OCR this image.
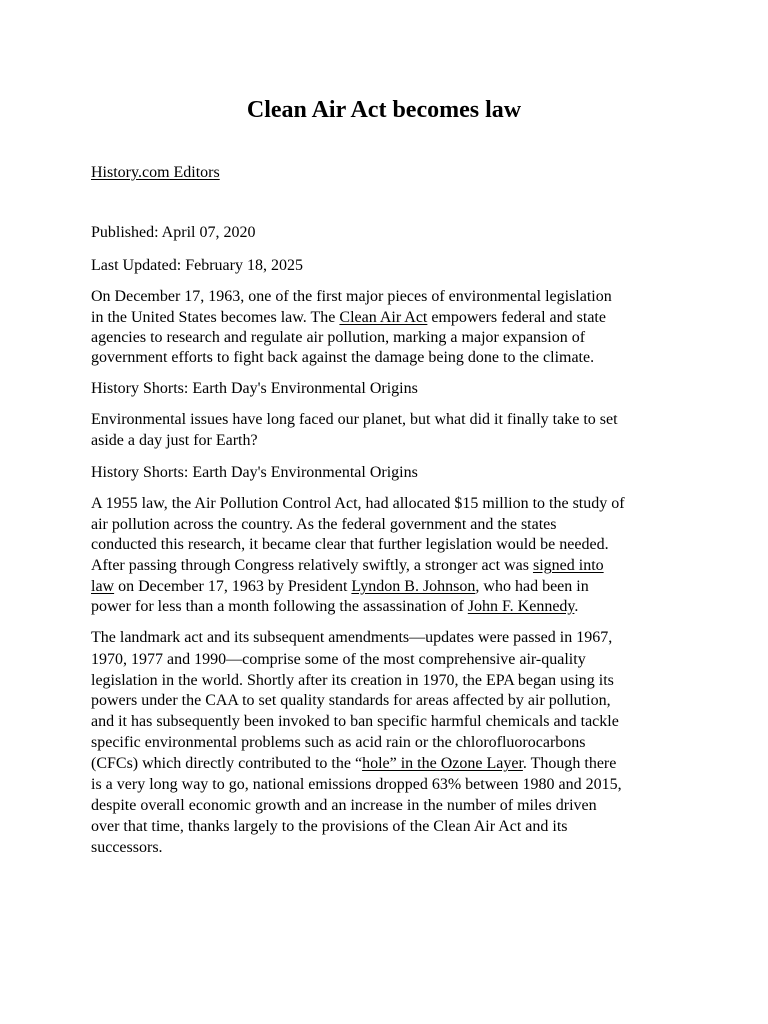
Clean Air Act becomes law
History.com Editors
Published: April 07, 2020
Last Updated: February 18, 2025
On December 17, 1963, one of the first major pieces of environmental legislation
in the United States becomes law. The Clean Air Act empowers federal and state
agencies to research and regulate air pollution, marking a major expansion of
government efforts to fight back against the damage being done to the climate.
History Shorts: Earth Day's Environmental Origins
Environmental issues have long faced our planet, but what did it finally take to set
aside a day just for Earth?
History Shorts: Earth Day's Environmental Origins
A 1955 law, the Air Pollution Control Act, had allocated $15 million to the study of
air pollution across the country. As the federal government and the states
conducted this research, it became clear that further legislation would be needed.
After passing through Congress relatively swiftly, a stronger act was signed into
law on December 17, 1963 by President Lyndon B. Johnson, who had been in
power for less than a month following the assassination of John F. Kennedy.
The landmark act and its subsequent amendments—updates were passed in 1967,
1970, 1977 and 1990—comprise some of the most comprehensive air-quality
legislation in the world. Shortly after its creation in 1970, the EPA began using its
powers under the CAA to set quality standards for areas affected by air pollution,
and it has subsequently been invoked to ban specific harmful chemicals and tackle
specific environmental problems such as acid rain or the chlorofluorocarbons
(CFCs) which directly contributed to the “hole” in the Ozone Layer. Though there
is a very long way to go, national emissions dropped 63% between 1980 and 2015,
despite overall economic growth and an increase in the number of miles driven
over that time, thanks largely to the provisions of the Clean Air Act and its
successors.
